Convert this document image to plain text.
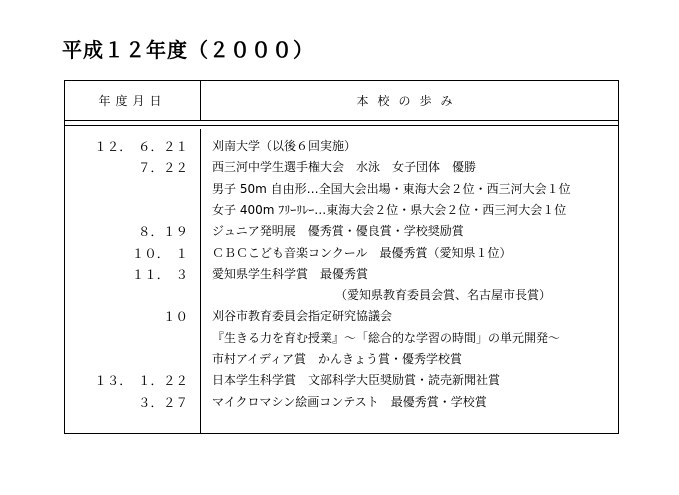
平成１２年度（２０００）
年度月日	本校の歩み
１２．　６．２１ 刈南大学（以後６回実施）
７．２２ 西三河中学生選手権大会　水泳　女子団体　優勝
男子 50m 自由形…全国大会出場・東海大会２位・西三河大会１位
女子 400m ﾌﾘｰﾘﾚｰ…東海大会２位・県大会２位・西三河大会１位
８．１９ ジュニア発明展　優秀賞・優良賞・学校奨励賞
１０．　１ ＣＢＣこども音楽コンクール　最優秀賞（愛知県１位）
１１．　３ 愛知県学生科学賞　最優秀賞
（愛知県教育委員会賞、名古屋市長賞）
１０ 刈谷市教育委員会指定研究協議会
『生きる力を育む授業』～「総合的な学習の時間」の単元開発～
市村アイディア賞　かんきょう賞・優秀学校賞
１３．　１．２２ 日本学生科学賞　文部科学大臣奨励賞・読売新聞社賞
３．２７ マイクロマシン絵画コンテスト　最優秀賞・学校賞
